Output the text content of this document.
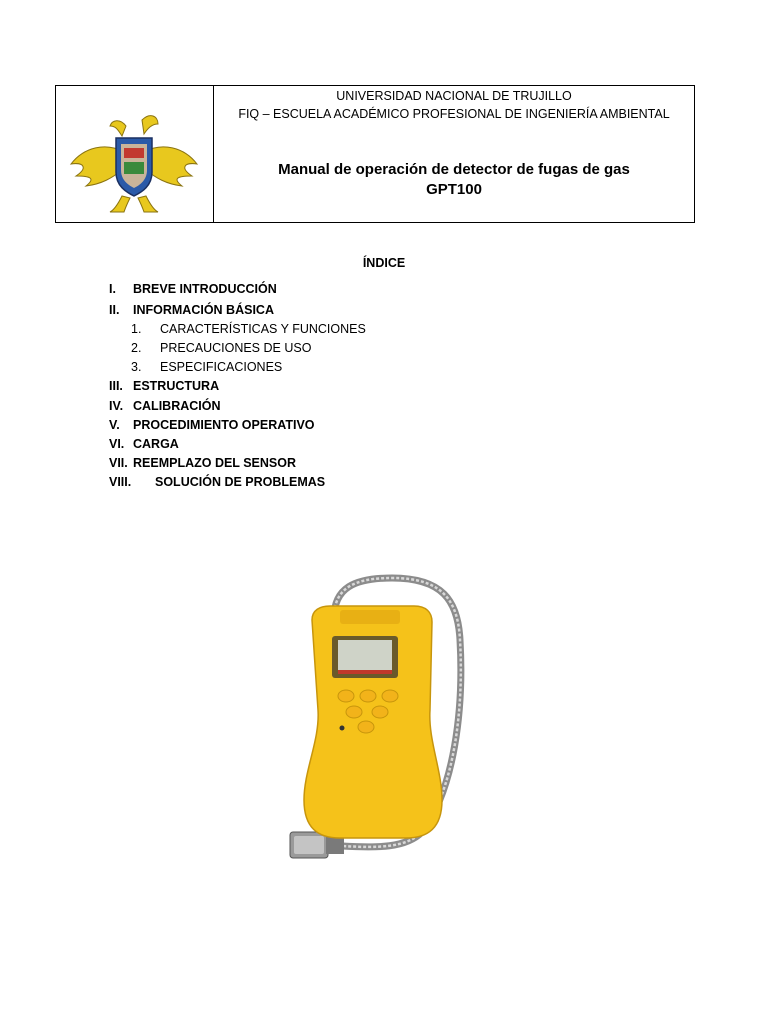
UNIVERSIDAD NACIONAL DE TRUJILLO
FIQ – ESCUELA ACADÉMICO PROFESIONAL DE INGENIERÍA AMBIENTAL
Manual de operación de detector de fugas de gas
GPT100
ÍNDICE
I. BREVE INTRODUCCIÓN
II. INFORMACIÓN BÁSICA
1. CARACTERÍSTICAS Y FUNCIONES
2. PRECAUCIONES DE USO
3. ESPECIFICACIONES
III. ESTRUCTURA
IV. CALIBRACIÓN
V. PROCEDIMIENTO OPERATIVO
VI. CARGA
VII. REEMPLAZO DEL SENSOR
VIII. SOLUCIÓN DE PROBLEMAS
